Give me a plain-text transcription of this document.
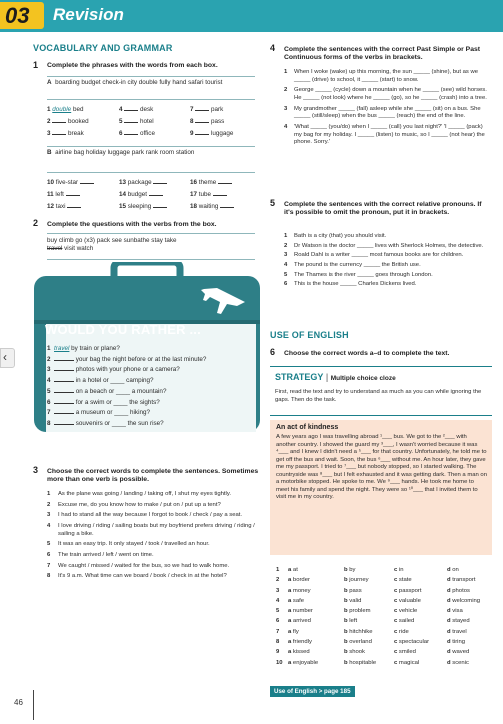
03 Revision
VOCABULARY AND GRAMMAR
1 Complete the phrases with the words from each box.
A boarding budget check-in city double fully hand safari tourist
1 double bed	4	desk	7	park
2	booked	5	hotel	8	pass
3	break	6	office	9	luggage
B airline bag holiday luggage park rank room station
10 five-star	13 package	16 theme
11 left	14 budget	17 tube
12 taxi	15 sleeping	18 waiting
2 Complete the questions with the verbs from the box.
buy climb go (x3) pack see sunbathe stay take
travel visit watch
WOULD YOU RATHER ...
1 travel by train or plane?
2	your bag the night before or at the last minute?
3	photos with your phone or a camera?
4	in a hotel or ____ camping?
5	on a beach or ____ a mountain?
6	for a swim or ____ the sights?
7	a museum or ____ hiking?
8	souvenirs or ____ the sun rise?
‹
3 Choose the correct words to complete the sentences. Sometimes more than one verb is possible.
1	As the plane was going / landing / taking off, I shut my eyes tightly.
2	Excuse me, do you know how to make / put on / put up a tent?
3	I had to stand all the way because I forgot to book / check / pay a seat.
4	I love driving / riding / sailing boats but my boyfriend prefers driving / riding / sailing a bike.
5	It was an easy trip. It only stayed / took / travelled an hour.
6	The train arrived / left / went on time.
7	We caught / missed / waited for the bus, so we had to walk home.
8	It's 9 a.m. What time can we board / book / check in at the hotel?
46
4 Complete the sentences with the correct Past Simple or Past Continuous forms of the verbs in brackets.
1	When I woke (wake) up this morning, the sun _____ (shine), but as we _____ (drive) to school, it _____ (start) to snow.
2	George _____ (cycle) down a mountain when he _____ (see) wild horses. He _____ (not look) where he _____ (go), so he _____ (crash) into a tree.
3	My grandmother _____ (fall) asleep while she _____ (sit) on a bus. She _____ (still/sleep) when the bus _____ (reach) the end of the line.
4	'What _____ (you/do) when I _____ (call) you last night?' 'I _____ (pack) my bag for my holiday. I _____ (listen) to music, so I _____ (not hear) the phone. Sorry.'
5 Complete the sentences with the correct relative pronouns. If it's possible to omit the pronoun, put it in brackets.
1	Bath is a city (that) you should visit.
2	Dr Watson is the doctor _____ lives with Sherlock Holmes, the detective.
3	Roald Dahl is a writer _____ most famous books are for children.
4	The pound is the currency _____ the British use.
5	The Thames is the river _____ goes through London.
6	This is the house _____ Charles Dickens lived.
USE OF ENGLISH
6 Choose the correct words a–d to complete the text.
STRATEGY | Multiple choice cloze
First, read the text and try to understand as much as you can while ignoring the gaps. Then do the task.
An act of kindness
A few years ago I was travelling abroad ¹___ bus. We got to the ²___ with another country. I showed the guard my ³___, I wasn't worried because it was ⁴___ and I knew I didn't need a ⁵___ for that country. Unfortunately, he told me to get off the bus and wait. Soon, the bus ⁶___ without me. An hour later, they gave me my passport. I tried to ⁷___ but nobody stopped, so I started walking. The countryside was ⁸___ but I felt exhausted and it was getting dark. Then a man on a motorbike stopped. He spoke to me. We ⁹___ hands. He took me home to meet his family and spend the night. They were so ¹⁰___ that I invited them to visit me in my country.
1	a at	b by	c in	d on
2	a border	b journey	c state	d transport
3	a money	b pass	c passport	d photos
4	a safe	b valid	c valuable	d welcoming
5	a number	b problem	c vehicle	d visa
6	a arrived	b left	c sailed	d stayed
7	a fly	b hitchhike	c ride	d travel
8	a friendly	b overland	c spectacular	d tiring
9	a kissed	b shook	c smiled	d waved
10 a enjoyable	b hospitable	c magical	d scenic
Use of English > page 185
